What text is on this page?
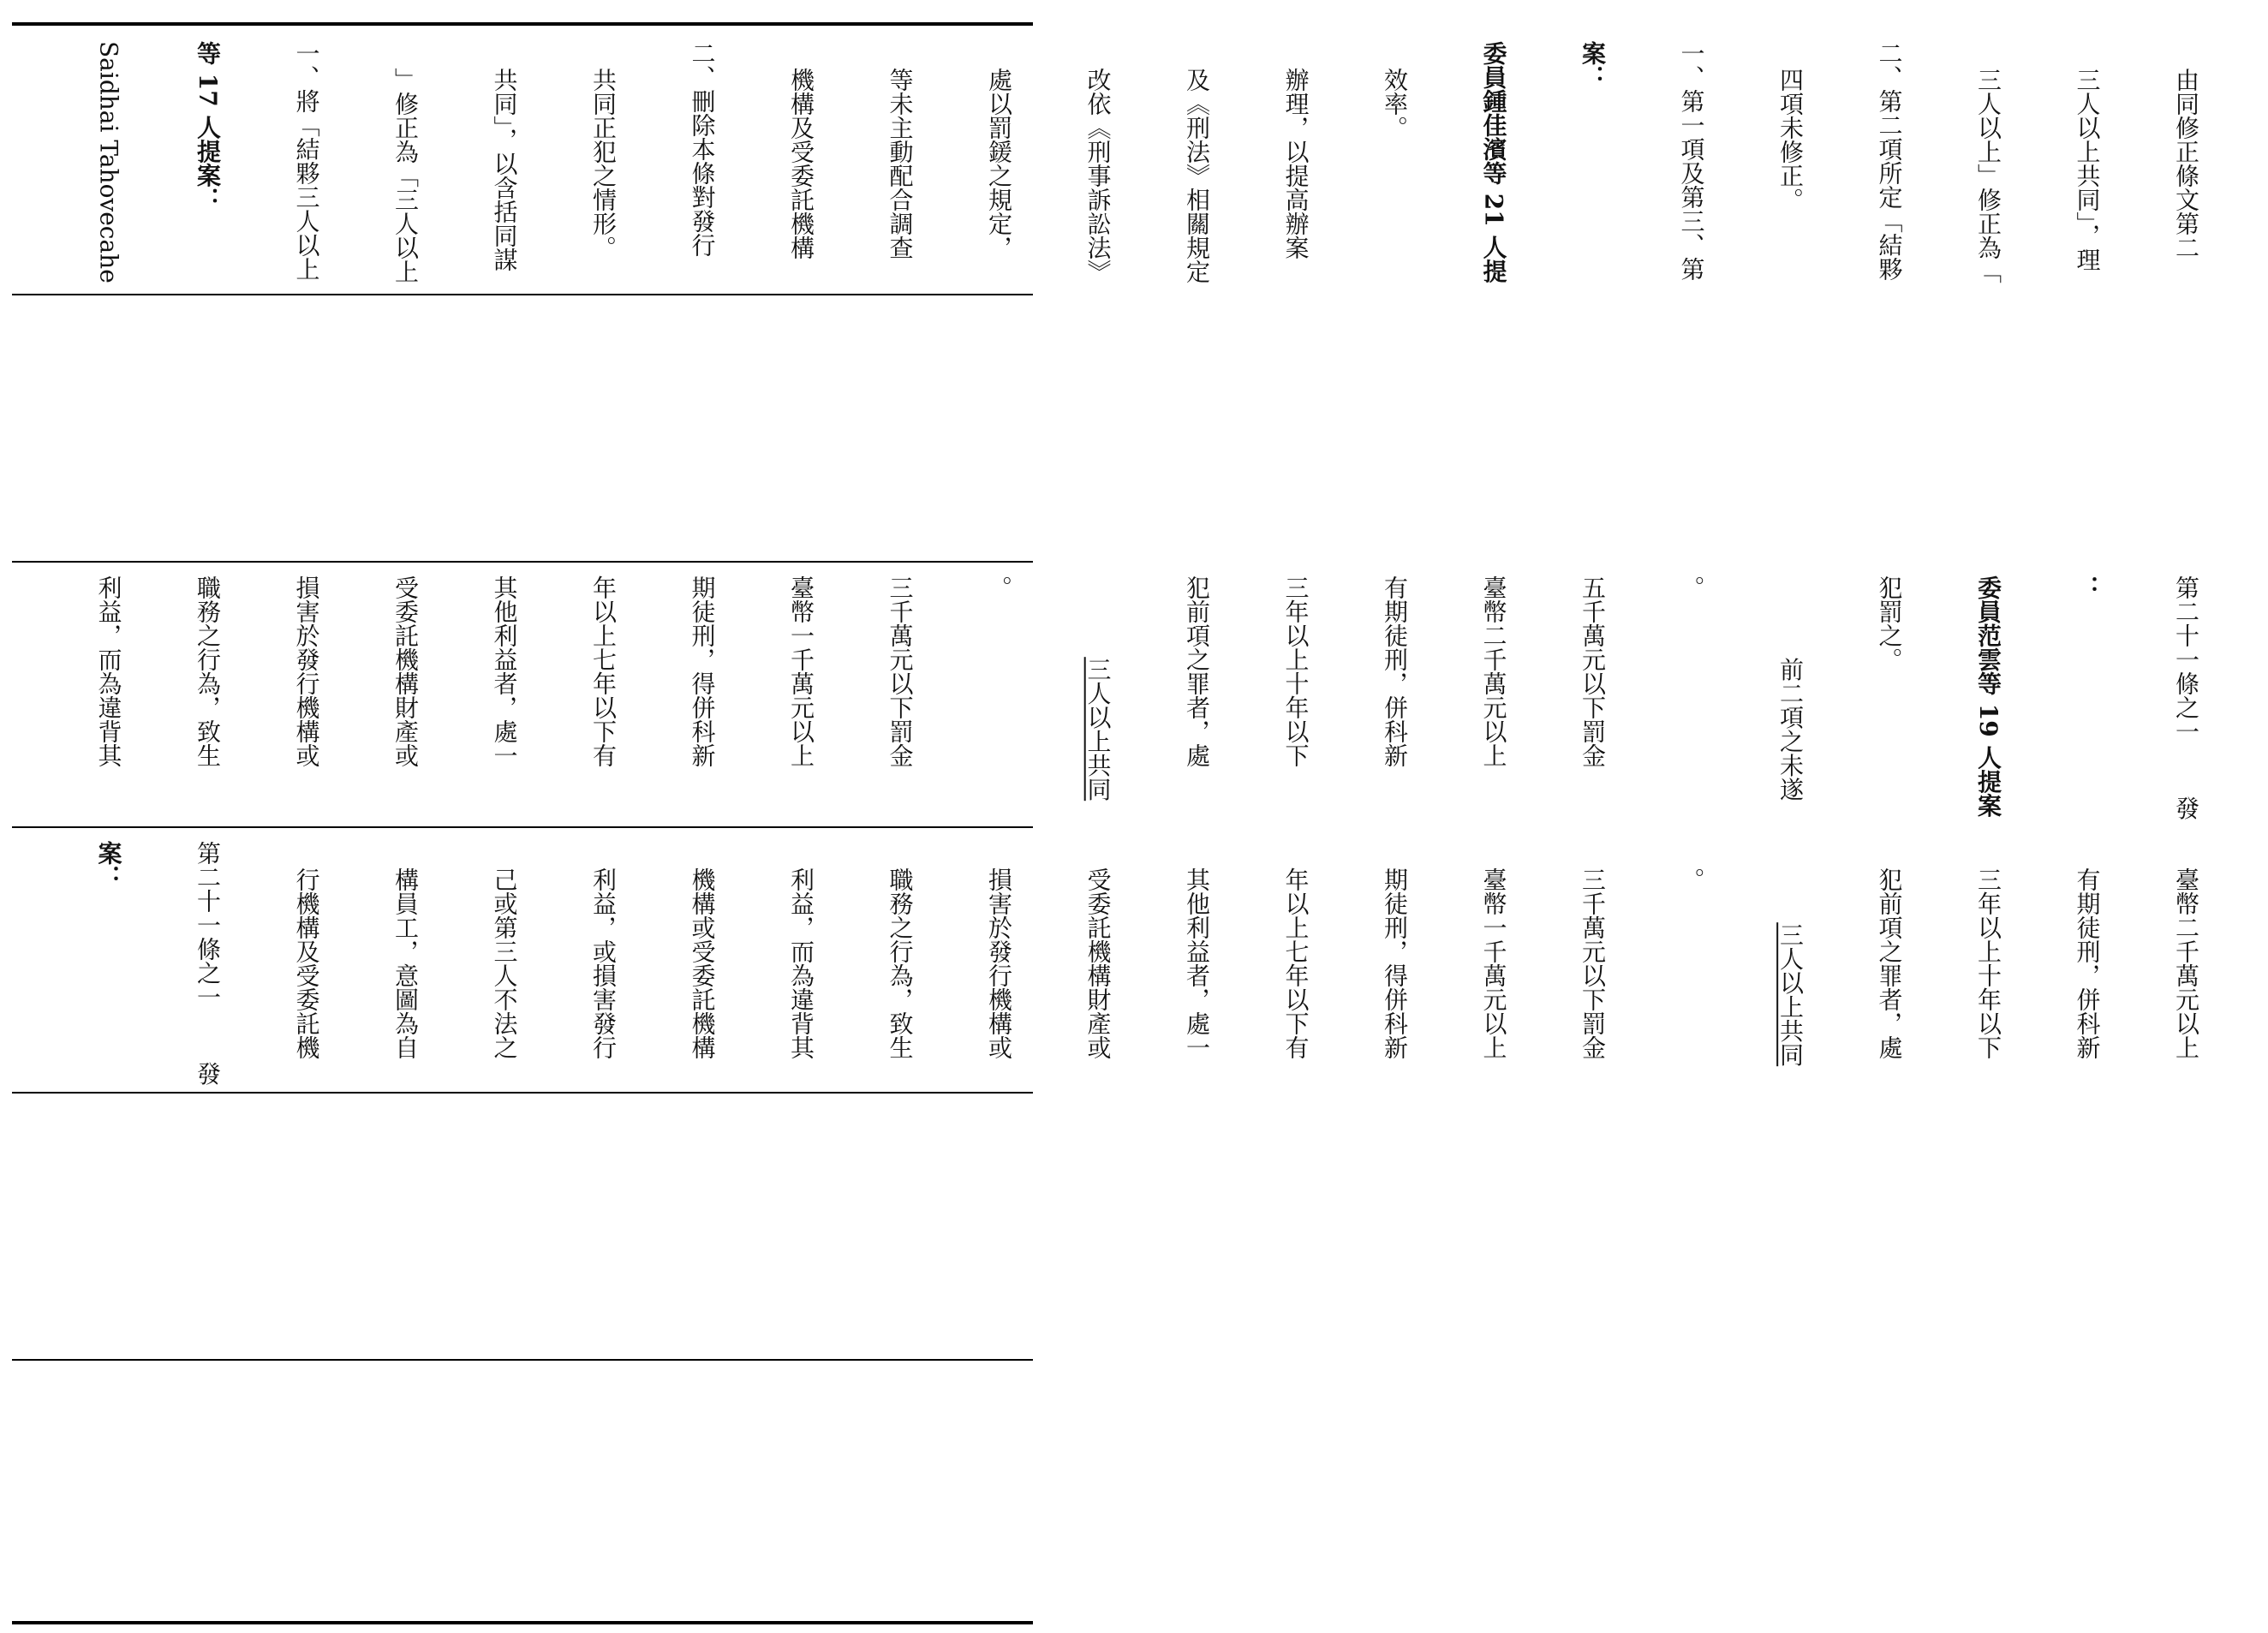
Saidhai Tahovecahe

	等 17 人提案：

	一、將「結夥三人以上

	」修正為「三人以上

	共同」，以含括同謀

	共同正犯之情形。

	二、刪除本條對發行

	機構及受委託機構

	等未主動配合調查

	處以罰鍰之規定，

	改依《刑事訴訟法》

	及《刑法》相關規定

	辦理，以提高辦案

	效率。

	委員鍾佳濱等 21 人提

	案：

	一、第一項及第三、第

	四項未修正。

	二、第二項所定「結夥

	三人以上」修正為「

	三人以上共同」，理

	由同修正條文第二

利益，而為違背其

	職務之行為，致生

	損害於發行機構或

	受委託機構財產或

	其他利益者，處一

	年以上七年以下有

	期徒刑，得併科新

	臺幣一千萬元以上

	三千萬元以下罰金

	。

三人以上共同

	犯前項之罪者，處

	三年以上十年以下

	有期徒刑，併科新

	臺幣二千萬元以上

	五千萬元以下罰金

	。

前二項之未遂

犯罰之。

	委員范雲等 19 人提案

	：

	第二十一條之一發

案：

	第二十一條之一發

行機構及受委託機

	構員工，意圖為自

	己或第三人不法之

	利益，或損害發行

	機構或受委託機構

	利益，而為違背其

	職務之行為，致生

	損害於發行機構或

	受委託機構財產或

	其他利益者，處一

	年以上七年以下有

	期徒刑，得併科新

	臺幣一千萬元以上

	三千萬元以下罰金

	。

三人以上共同

	犯前項之罪者，處

	三年以上十年以下

	有期徒刑，併科新

	臺幣二千萬元以上
